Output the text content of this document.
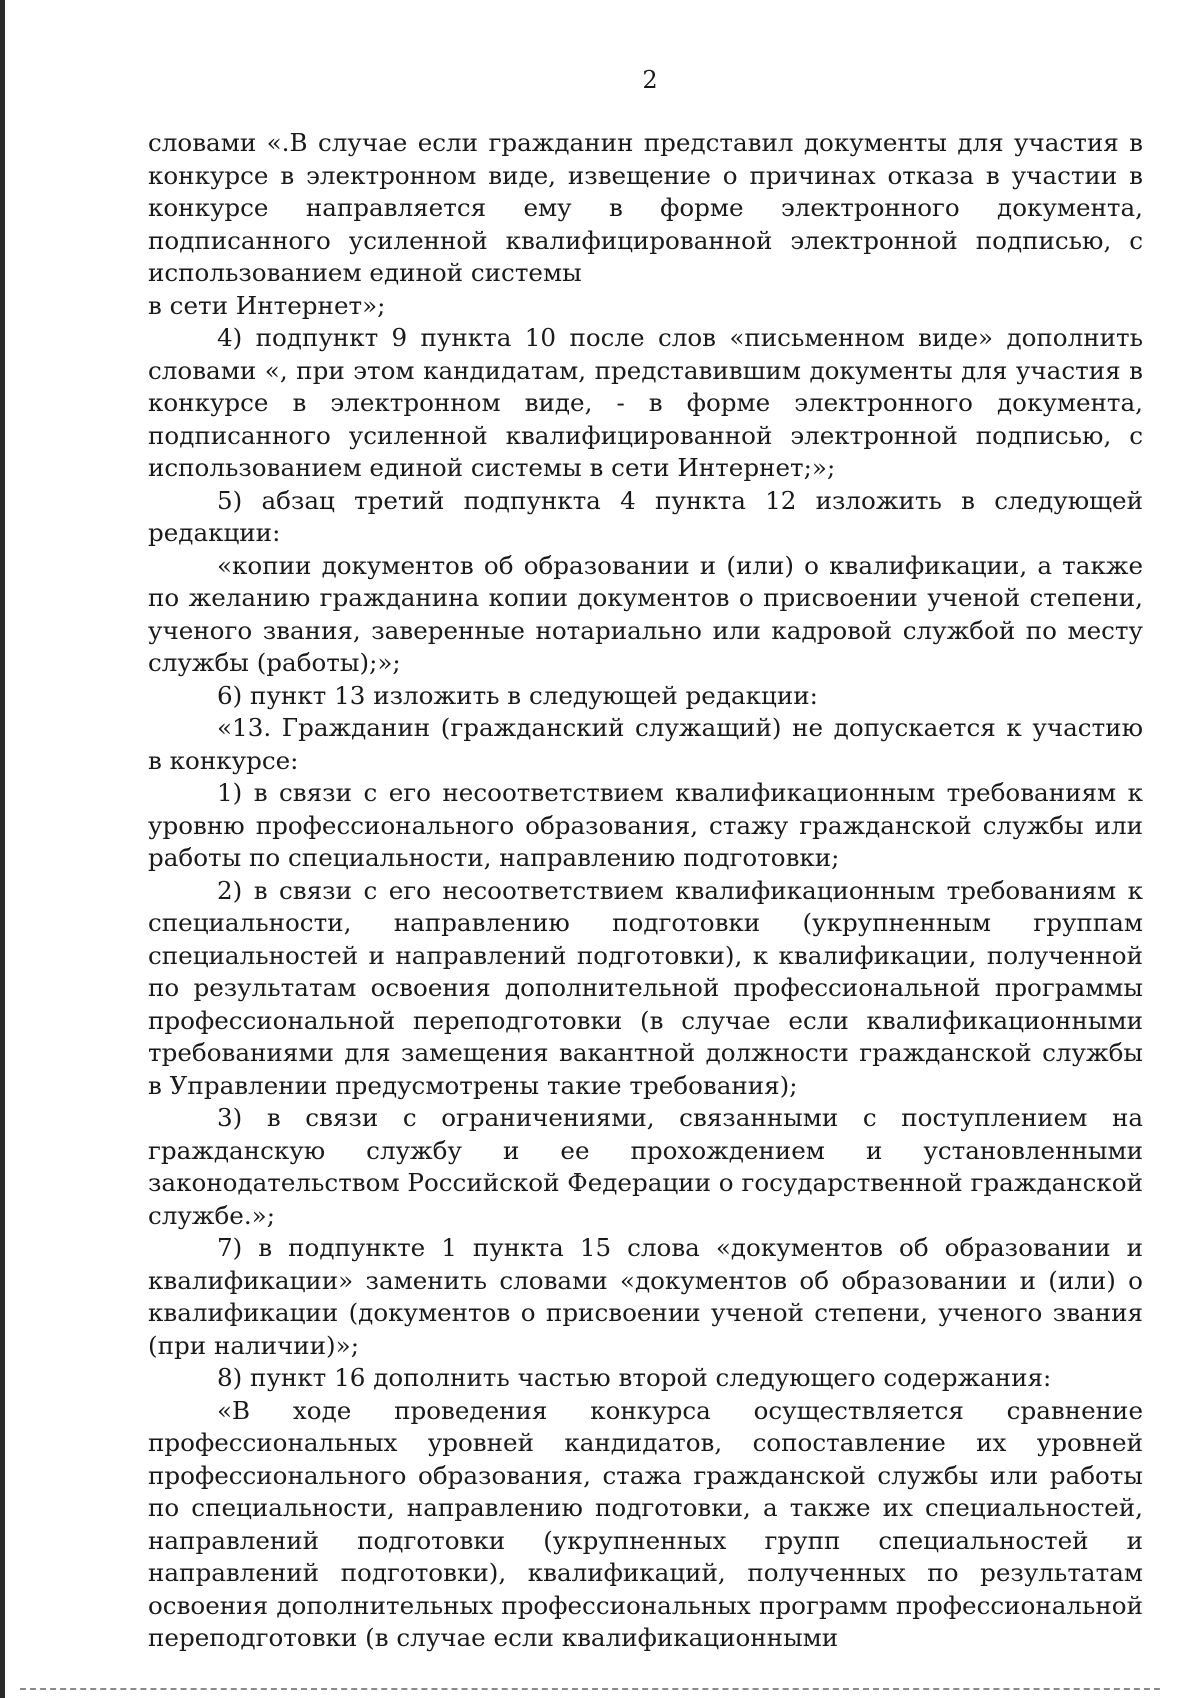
2

словами «.В случае если гражданин представил документы для участия в конкурсе в электронном виде, извещение о причинах отказа в участии в конкурсе направляется ему в форме электронного документа, подписанного усиленной квалифицированной электронной подписью, с использованием единой системы

в сети Интернет»;

4) подпункт 9 пункта 10 после слов «письменном виде» дополнить словами «, при этом кандидатам, представившим документы для участия в конкурсе в электронном виде, - в форме электронного документа, подписанного усиленной квалифицированной электронной подписью, с использованием единой системы в сети Интернет;»;

5) абзац третий подпункта 4 пункта 12 изложить в следующей редакции:

«копии документов об образовании и (или) о квалификации, а также по желанию гражданина копии документов о присвоении ученой степени, ученого звания, заверенные нотариально или кадровой службой по месту службы (работы);»;

6) пункт 13 изложить в следующей редакции:

«13. Гражданин (гражданский служащий) не допускается к участию в конкурсе:

1) в связи с его несоответствием квалификационным требованиям к уровню профессионального образования, стажу гражданской службы или работы по специальности, направлению подготовки;

2) в связи с его несоответствием квалификационным требованиям к специальности, направлению подготовки (укрупненным группам специальностей и направлений подготовки), к квалификации, полученной по результатам освоения дополнительной профессиональной программы профессиональной переподготовки (в случае если квалификационными требованиями для замещения вакантной должности гражданской службы в Управлении предусмотрены такие требования);

3) в связи с ограничениями, связанными с поступлением на гражданскую службу и ее прохождением и установленными законодательством Российской Федерации о государственной гражданской службе.»;

7) в подпункте 1 пункта 15 слова «документов об образовании и квалификации» заменить словами «документов об образовании и (или) о квалификации (документов о присвоении ученой степени, ученого звания (при наличии)»;

8) пункт 16 дополнить частью второй следующего содержания:

«В ходе проведения конкурса осуществляется сравнение профессиональных уровней кандидатов, сопоставление их уровней профессионального образования, стажа гражданской службы или работы по специальности, направлению подготовки, а также их специальностей, направлений подготовки (укрупненных групп специальностей и направлений подготовки), квалификаций, полученных по результатам освоения дополнительных профессиональных программ профессиональной переподготовки (в случае если квалификационными
